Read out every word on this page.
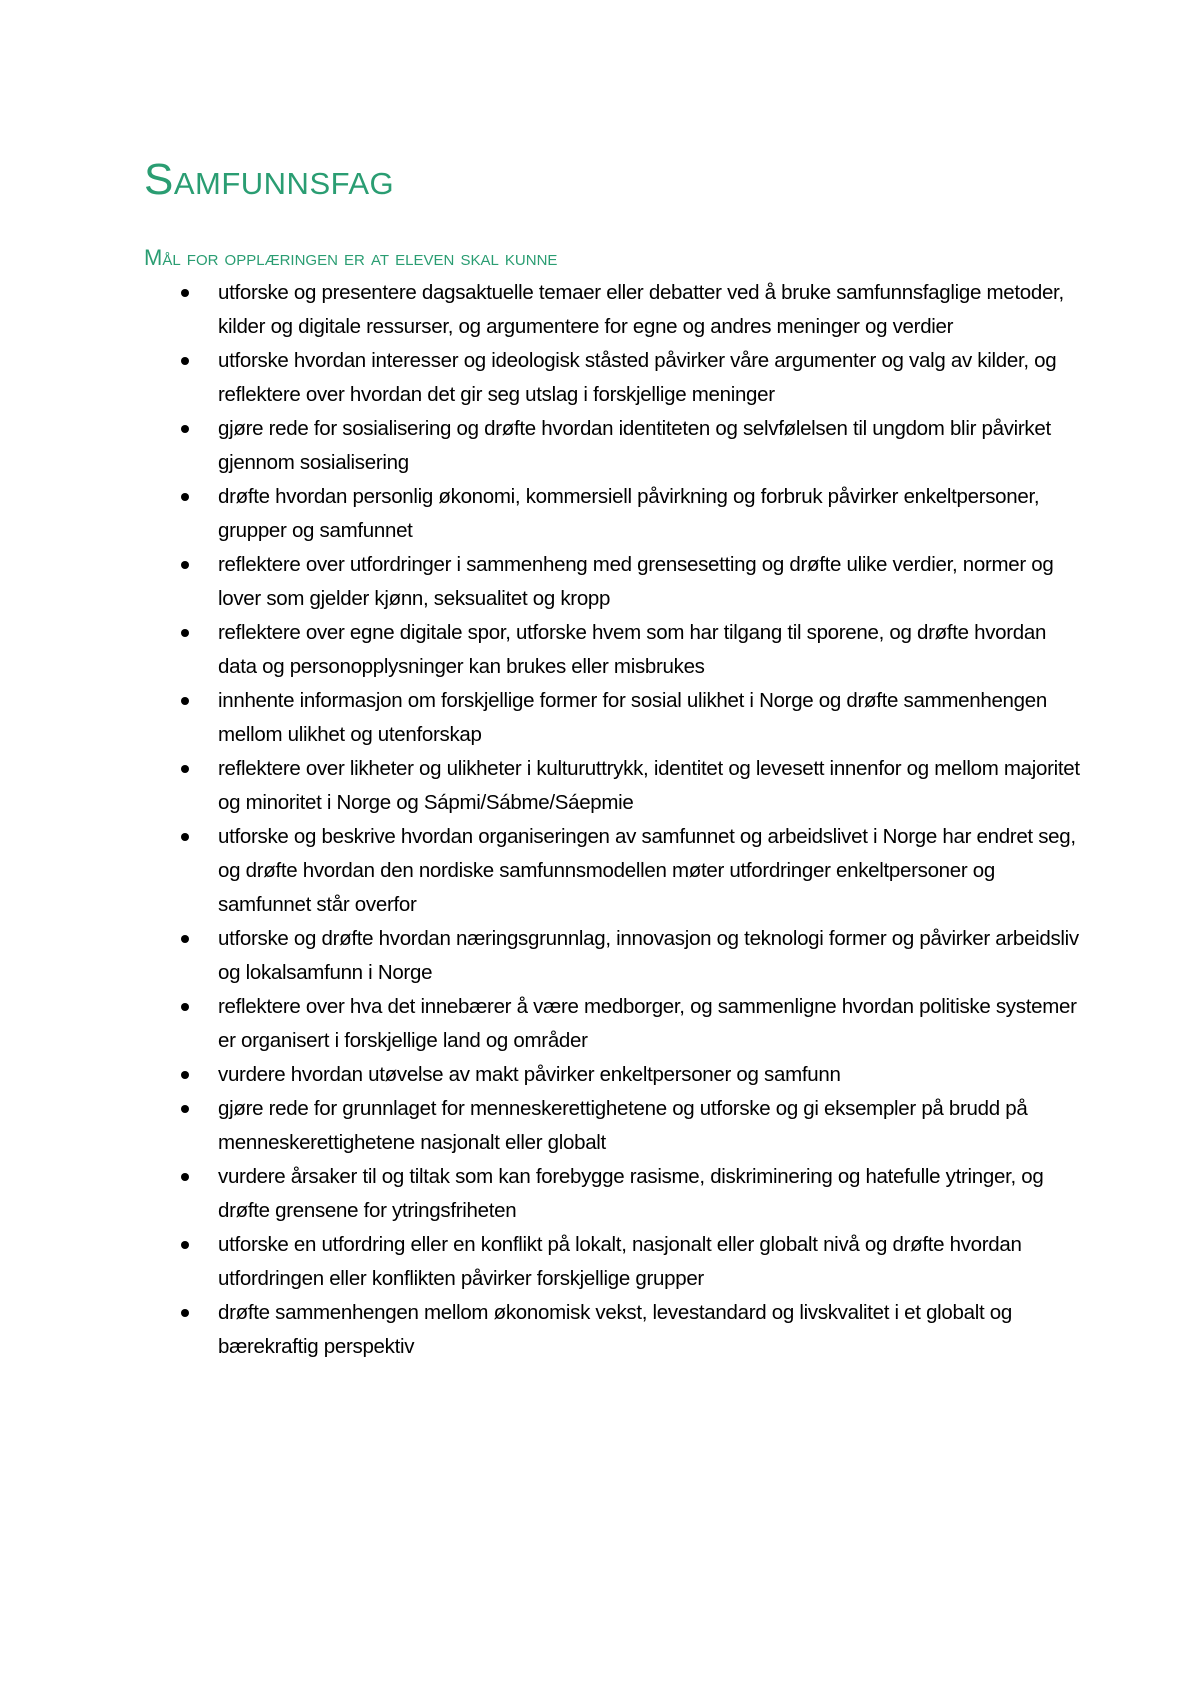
Samfunnsfag
Mål for opplæringen er at eleven skal kunne
utforske og presentere dagsaktuelle temaer eller debatter ved å bruke samfunnsfaglige metoder, kilder og digitale ressurser, og argumentere for egne og andres meninger og verdier
utforske hvordan interesser og ideologisk ståsted påvirker våre argumenter og valg av kilder, og reflektere over hvordan det gir seg utslag i forskjellige meninger
gjøre rede for sosialisering og drøfte hvordan identiteten og selvfølelsen til ungdom blir påvirket gjennom sosialisering
drøfte hvordan personlig økonomi, kommersiell påvirkning og forbruk påvirker enkeltpersoner, grupper og samfunnet
reflektere over utfordringer i sammenheng med grensesetting og drøfte ulike verdier, normer og lover som gjelder kjønn, seksualitet og kropp
reflektere over egne digitale spor, utforske hvem som har tilgang til sporene, og drøfte hvordan data og personopplysninger kan brukes eller misbrukes
innhente informasjon om forskjellige former for sosial ulikhet i Norge og drøfte sammenhengen mellom ulikhet og utenforskap
reflektere over likheter og ulikheter i kulturuttrykk, identitet og levesett innenfor og mellom majoritet og minoritet i Norge og Sápmi/Sábme/Sáepmie
utforske og beskrive hvordan organiseringen av samfunnet og arbeidslivet i Norge har endret seg, og drøfte hvordan den nordiske samfunnsmodellen møter utfordringer enkeltpersoner og samfunnet står overfor
utforske og drøfte hvordan næringsgrunnlag, innovasjon og teknologi former og påvirker arbeidsliv og lokalsamfunn i Norge
reflektere over hva det innebærer å være medborger, og sammenligne hvordan politiske systemer er organisert i forskjellige land og områder
vurdere hvordan utøvelse av makt påvirker enkeltpersoner og samfunn
gjøre rede for grunnlaget for menneskerettighetene og utforske og gi eksempler på brudd på menneskerettighetene nasjonalt eller globalt
vurdere årsaker til og tiltak som kan forebygge rasisme, diskriminering og hatefulle ytringer, og drøfte grensene for ytringsfriheten
utforske en utfordring eller en konflikt på lokalt, nasjonalt eller globalt nivå og drøfte hvordan utfordringen eller konflikten påvirker forskjellige grupper
drøfte sammenhengen mellom økonomisk vekst, levestandard og livskvalitet i et globalt og bærekraftig perspektiv
